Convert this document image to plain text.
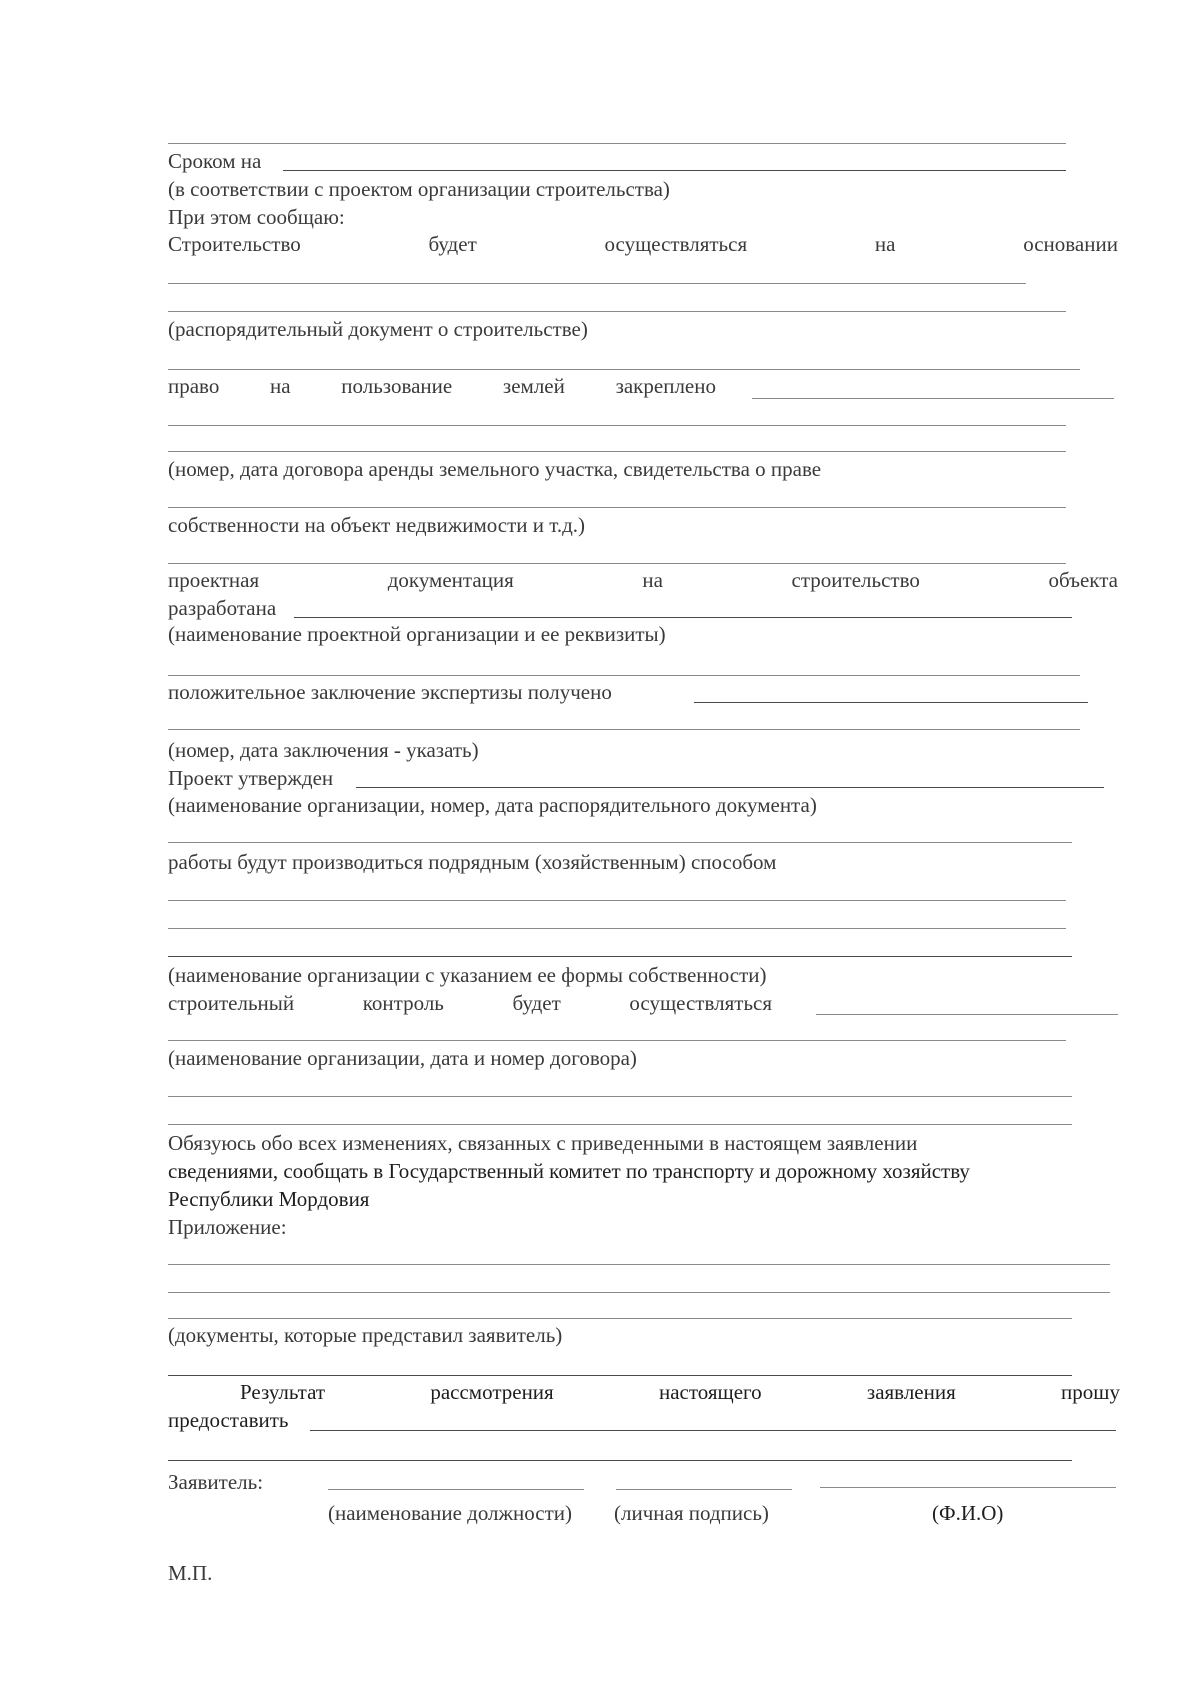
Сроком на
(в соответствии с проектом организации строительства)
При этом сообщаю:
Строительство	будет	осуществляться	на	основании
(распорядительный документ о строительстве)
право на пользование землей закреплено
(номер, дата договора аренды земельного участка, свидетельства о праве
собственности на объект недвижимости и т.д.)
проектная	документация	на	строительство	объекта
разработана
(наименование проектной организации и ее реквизиты)
положительное заключение экспертизы получено
(номер, дата заключения - указать)
Проект утвержден
(наименование организации, номер, дата распорядительного документа)
работы будут производиться подрядным (хозяйственным) способом
(наименование организации с указанием ее формы собственности)
строительный	контроль	будет	осуществляться
(наименование организации, дата и номер договора)
Обязуюсь обо всех изменениях, связанных с приведенными в настоящем заявлении
сведениями, сообщать в Государственный комитет по транспорту и дорожному хозяйству
Республики Мордовия
Приложение:
(документы, которые представил заявитель)
Результат	рассмотрения	настоящего	заявления	прошу
предоставить
Заявитель:
(наименование должности) (личная подпись)	(Ф.И.О)
М.П.
